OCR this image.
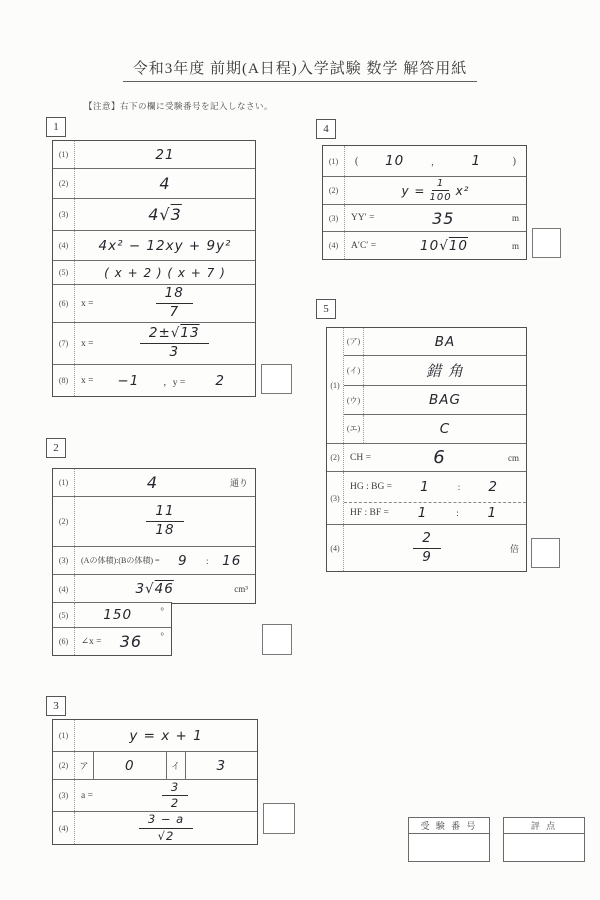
令和3年度 前期(A日程)入学試験 数学 解答用紙
【注意】右下の欄に受験番号を記入しなさい。
1
(1)	21
(2)	4
(3)	4√3
(4)	4x² − 12xy + 9y²
(5)	( x + 2 ) ( x + 7 )
(6)	x =	$\frac{18}{7}$
(7)	x =	$\frac{2\pm√13}{3}$
(8)	x =	−1	，y =	2
2
(1)	4	通り
(2)	$\frac{11}{18}$
(3)	(Aの体積):(Bの体積) =	9	:	16
(4)	3√46	cm³
(5)	150	°
(6)	∠x = 36 °
3
(1)	y = x + 1
(2)	ア	0	イ	3
(3)	a =	$\frac{3}{2}$
(4)	$\frac{3 - a}{√2}$
4
(1)	(	10	，	1	)
(2)	$y = \frac{1}{100} x^2$
(3)	YY′ =	35	m
(4)	A′C′ =	10√10	m
5
(1)
(ア)	BA
(イ)	錯 角
(ウ)	BAG
(エ)	C
(2)	CH =	6	cm
(3)
HG : BG =	1	:	2
HF : BF =	1	:	1
(4)	$\frac{2}{9}$	倍
受 験 番 号	評 点
